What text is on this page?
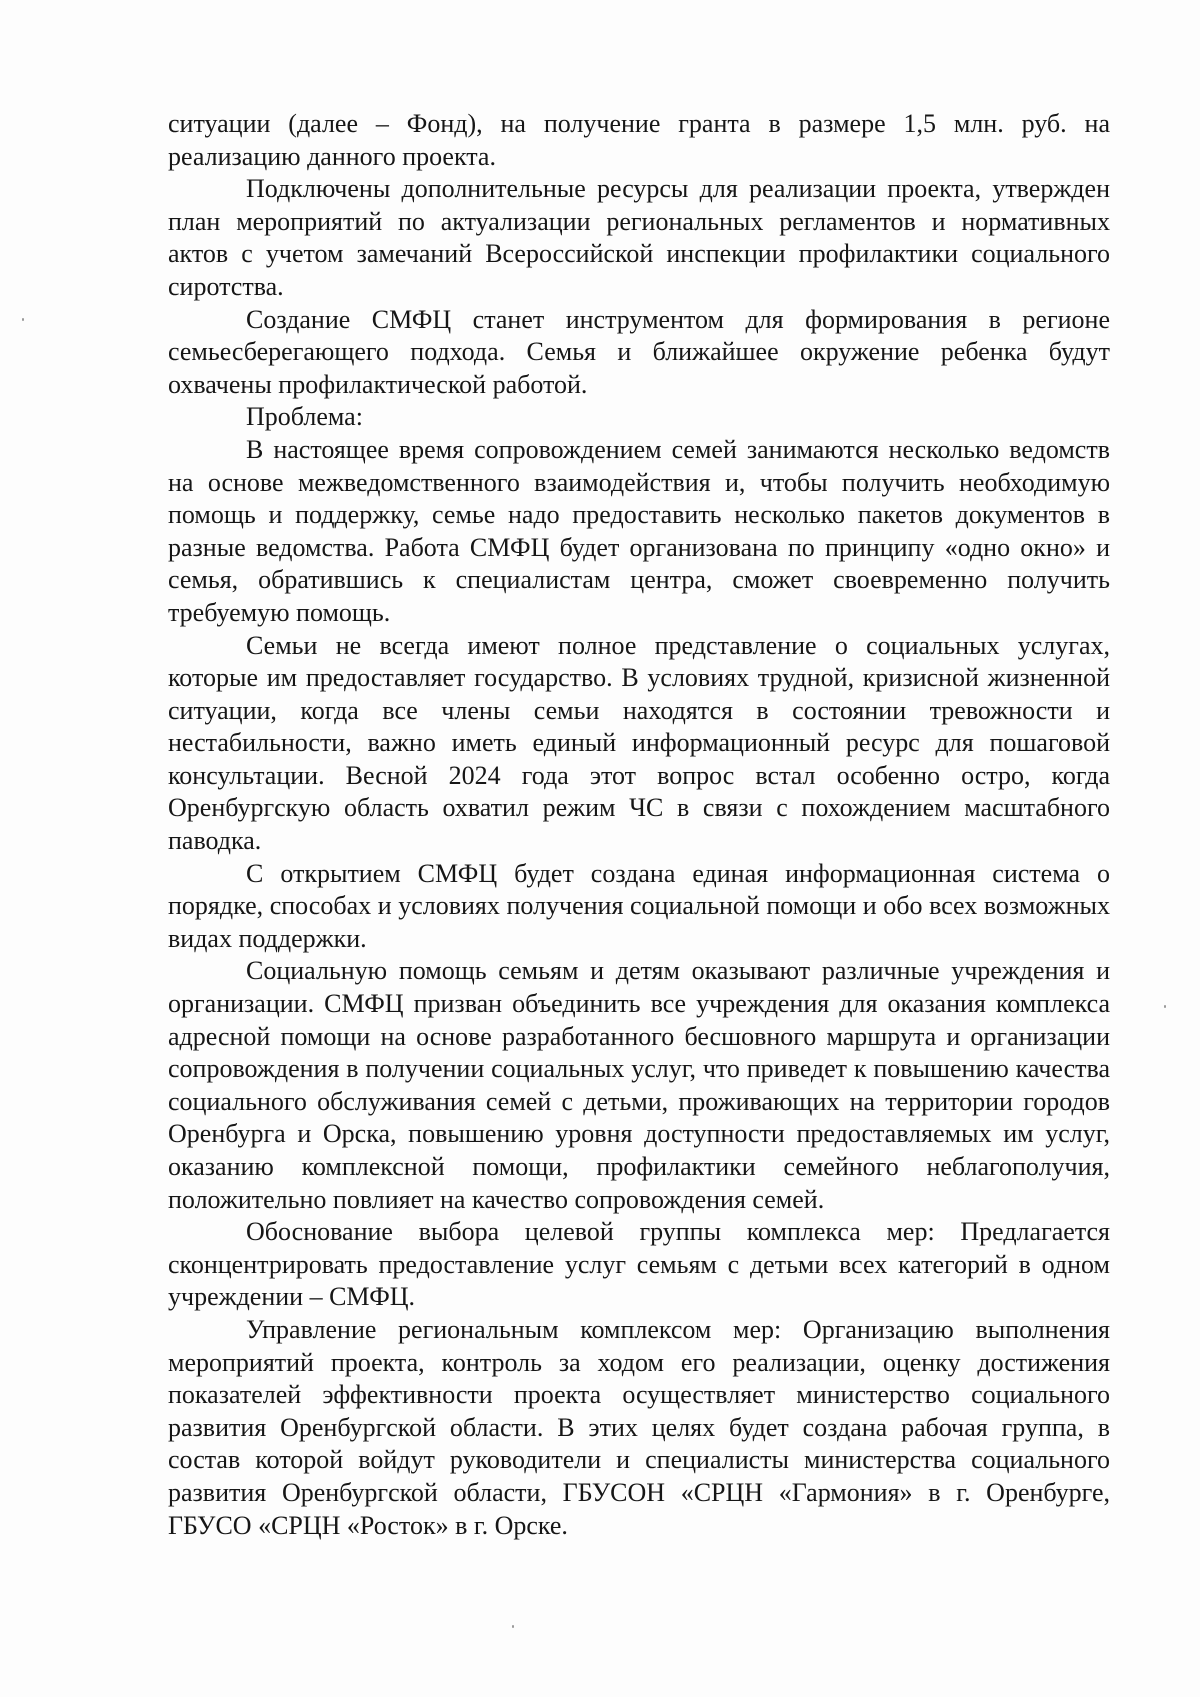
ситуации (далее – Фонд), на получение гранта в размере 1,5 млн. руб. на реализацию данного проекта.

Подключены дополнительные ресурсы для реализации проекта, утвержден план мероприятий по актуализации региональных регламентов и нормативных актов с учетом замечаний Всероссийской инспекции профилактики социального сиротства.

Создание СМФЦ станет инструментом для формирования в регионе семьесберегающего подхода. Семья и ближайшее окружение ребенка будут охвачены профилактической работой.

Проблема:

В настоящее время сопровождением семей занимаются несколько ведомств на основе межведомственного взаимодействия и, чтобы получить необходимую помощь и поддержку, семье надо предоставить несколько пакетов документов в разные ведомства. Работа СМФЦ будет организована по принципу «одно окно» и семья, обратившись к специалистам центра, сможет своевременно получить требуемую помощь.

Семьи не всегда имеют полное представление о социальных услугах, которые им предоставляет государство. В условиях трудной, кризисной жизненной ситуации, когда все члены семьи находятся в состоянии тревожности и нестабильности, важно иметь единый информационный ресурс для пошаговой консультации. Весной 2024 года этот вопрос встал особенно остро, когда Оренбургскую область охватил режим ЧС в связи с похождением масштабного паводка.

С открытием СМФЦ будет создана единая информационная система о порядке, способах и условиях получения социальной помощи и обо всех возможных видах поддержки.

Социальную помощь семьям и детям оказывают различные учреждения и организации. СМФЦ призван объединить все учреждения для оказания комплекса адресной помощи на основе разработанного бесшовного маршрута и организации сопровождения в получении социальных услуг, что приведет к повышению качества социального обслуживания семей с детьми, проживающих на территории городов Оренбурга и Орска, повышению уровня доступности предоставляемых им услуг, оказанию комплексной помощи, профилактики семейного неблагополучия, положительно повлияет на качество сопровождения семей.

Обоснование выбора целевой группы комплекса мер: Предлагается сконцентрировать предоставление услуг семьям с детьми всех категорий в одном учреждении – СМФЦ.

Управление региональным комплексом мер: Организацию выполнения мероприятий проекта, контроль за ходом его реализации, оценку достижения показателей эффективности проекта осуществляет министерство социального развития Оренбургской области. В этих целях будет создана рабочая группа, в состав которой войдут руководители и специалисты министерства социального развития Оренбургской области, ГБУСОН «СРЦН «Гармония» в г. Оренбурге, ГБУСО «СРЦН «Росток» в г. Орске.
